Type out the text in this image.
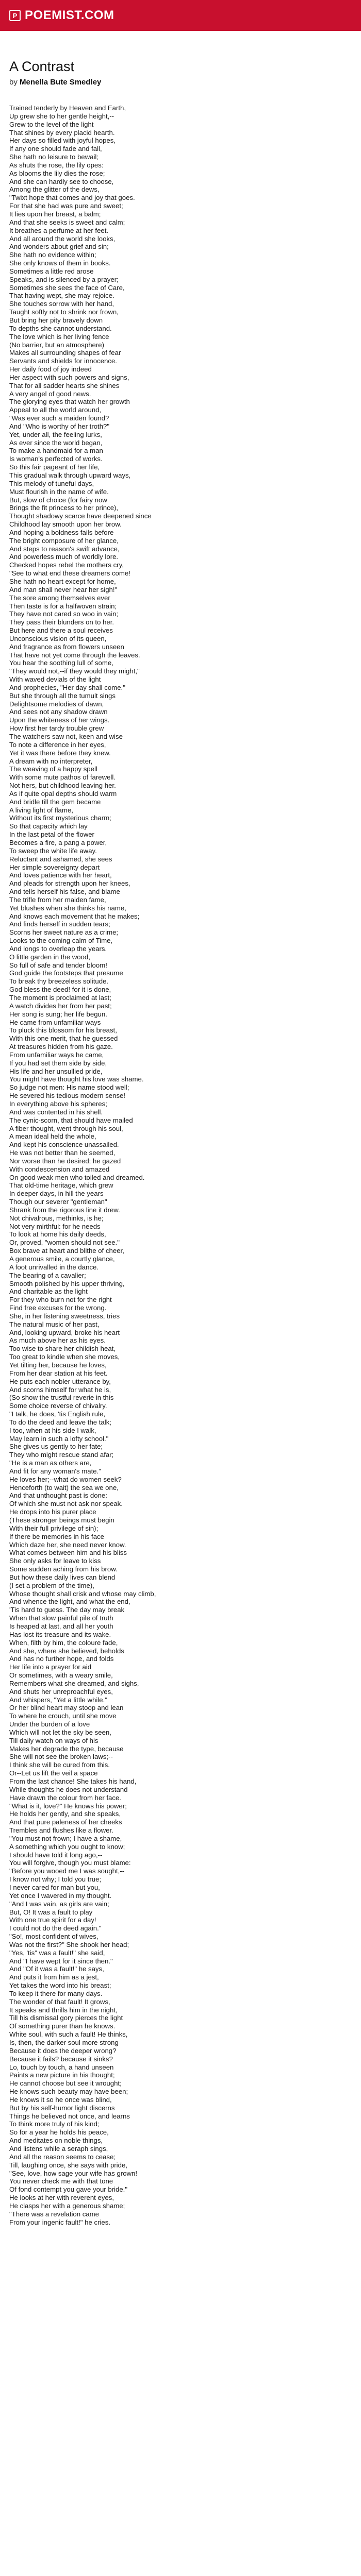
P POEMIST.COM
A Contrast
by Menella Bute Smedley
Trained tenderly by Heaven and Earth,
Up grew she to her gentle height,--
Grew to the level of the light
That shines by every placid hearth.
Her days so filled with joyful hopes,
If any one should fade and fall,
She hath no leisure to bewail;
As shuts the rose, the lily opes:
As blooms the lily dies the rose;
And she can hardly see to choose,
Among the glitter of the dews,
"Twixt hope that comes and joy that goes.
For that she had was pure and sweet;
It lies upon her breast, a balm;
And that she seeks is sweet and calm;
It breathes a perfume at her feet.
And all around the world she looks,
And wonders about grief and sin;
She hath no evidence within;
She only knows of them in books.
Sometimes a little red arose
Speaks, and is silenced by a prayer;
Sometimes she sees the face of Care,
That having wept, she may rejoice.
She touches sorrow with her hand,
Taught softly not to shrink nor frown,
But bring her pity bravely down
To depths she cannot understand.
The love which is her living fence
(No barrier, but an atmosphere)
Makes all surrounding shapes of fear
Servants and shields for innocence.
Her daily food of joy indeed
Her aspect with such powers and signs,
That for all sadder hearts she shines
A very angel of good news.
The glorying eyes that watch her growth
Appeal to all the world around,
"Was ever such a maiden found?
And "Who is worthy of her troth?"
Yet, under all, the feeling lurks,
As ever since the world began,
To make a handmaid for a man
Is woman's perfected of works.
So this fair pageant of her life,
This gradual walk through upward ways,
This melody of tuneful days,
Must flourish in the name of wife.
But, slow of choice (for fairy now
Brings the fit princess to her prince),
Thought shadowy scarce have deepened since
Childhood lay smooth upon her brow.
And hoping a boldness fails before
The bright composure of her glance,
And steps to reason's swift advance,
And powerless much of worldly lore.
Checked hopes rebel the mothers cry,
"See to what end these dreamers come!
She hath no heart except for home,
And man shall never hear her sigh!"
The sore among themselves ever
Then taste is for a halfwoven strain;
They have not cared so woo in vain;
They pass their blunders on to her.
But here and there a soul receives
Unconscious vision of its queen,
And fragrance as from flowers unseen
That have not yet come through the leaves.
You hear the soothing lull of some,
"They would not,--if they would they might,"
With waved devials of the light
And prophecies, "Her day shall come."
But she through all the tumult sings
Delightsome melodies of dawn,
And sees not any shadow drawn
Upon the whiteness of her wings.
How first her tardy trouble grew
The watchers saw not, keen and wise
To note a difference in her eyes,
Yet it was there before they knew.
A dream with no interpreter,
The weaving of a happy spell
With some mute pathos of farewell.
Not hers, but childhood leaving her.
As if quite opal depths should warm
And bridle till the gem became
A living light of flame,
Without its first mysterious charm;
So that capacity which lay
In the last petal of the flower
Becomes a fire, a pang a power,
To sweep the white life away.
Reluctant and ashamed, she sees
Her simple sovereignty depart
And loves patience with her heart,
And pleads for strength upon her knees,
And tells herself his false, and blame
The trifle from her maiden fame,
Yet blushes when she thinks his name,
And knows each movement that he makes;
And finds herself in sudden tears;
Scorns her sweet nature as a crime;
Looks to the coming calm of Time,
And longs to overleap the years.
O little garden in the wood,
So full of safe and tender bloom!
God guide the footsteps that presume
To break thy breezeless solitude.
God bless the deed! for it is done,
The moment is proclaimed at last;
A watch divides her from her past;
Her song is sung; her life begun.
He came from unfamiliar ways
To pluck this blossom for his breast,
With this one merit, that he guessed
At treasures hidden from his gaze.
From unfamiliar ways he came,
If you had set them side by side,
His life and her unsullied pride,
You might have thought his love was shame.
So judge not men: His name stood well;
He severed his tedious modern sense!
In everything above his spheres;
And was contented in his shell.
The cynic-scorn, that should have mailed
A fiber thought, went through his soul,
A mean ideal held the whole,
And kept his conscience unassailed.
He was not better than he seemed,
Nor worse than he desired; he gazed
With condescension and amazed
On good weak men who toiled and dreamed.
That old-time heritage, which grew
In deeper days, in hill the years
Though our severer "gentleman"
Shrank from the rigorous line it drew.
Not chivalrous, methinks, is he;
Not very mirthful: for he needs
To look at home his daily deeds,
Or, proved, "women should not see."
Box brave at heart and blithe of cheer,
A generous smile, a courtly glance,
A foot unrivalled in the dance.
The bearing of a cavalier;
Smooth polished by his upper thriving,
And charitable as the light
For they who burn not for the right
Find free excuses for the wrong.
She, in her listening sweetness, tries
The natural music of her past,
And, looking upward, broke his heart
As much above her as his eyes.
Too wise to share her childish heat,
Too great to kindle when she moves,
Yet tilting her, because he loves,
From her dear station at his feet.
He puts each nobler utterance by,
And scorns himself for what he is,
(So show the trustful reverie in this
Some choice reverse of chivalry.
"I talk, he does, 'tis English rule,
To do the deed and leave the talk;
I too, when at his side I walk,
May learn in such a lofty school."
She gives us gently to her fate;
They who might rescue stand afar;
"He is a man as others are,
And fit for any woman's mate."
He loves her;--what do women seek?
Henceforth (to wait) the sea we one,
And that unthought past is done:
Of which she must not ask nor speak.
He drops into his purer place
(These stronger beings must begin
With their full privilege of sin);
If there be memories in his face
Which daze her, she need never know.
What comes between him and his bliss
She only asks for leave to kiss
Some sudden aching from his brow.
But how these daily lives can blend
(I set a problem of the time),
Whose thought shall crisk and whose may climb,
And whence the light, and what the end,
'Tis hard to guess. The day may break
When that slow painful pile of truth
Is heaped at last, and all her youth
Has lost its treasure and its wake.
When, filth by him, the coloure fade,
And she, where she believed, beholds
And has no further hope, and folds
Her life into a prayer for aid
Or sometimes, with a weary smile,
Remembers what she dreamed, and sighs,
And shuts her unreproachful eyes,
And whispers, "Yet a little while."
Or her blind heart may stoop and lean
To where he crouch, until she move
Under the burden of a love
Which will not let the sky be seen,
Till daily watch on ways of his
Makes her degrade the type, because
She will not see the broken laws;--
I think she will be cured from this.
Or--Let us lift the veil a space
From the last chance! She takes his hand,
While thoughts he does not understand
Have drawn the colour from her face.
"What is it, love?" He knows his power;
He holds her gently, and she speaks,
And that pure paleness of her cheeks
Trembles and flushes like a flower.
"You must not frown; I have a shame,
A something which you ought to know;
I should have told it long ago,--
You will forgive, though you must blame:
"Before you wooed me I was sought,--
I know not why; I told you true;
I never cared for man but you,
Yet once I wavered in my thought.
"And I was vain, as girls are vain;
But, O! It was a fault to play
With one true spirit for a day!
I could not do the deed again."
"So!, most confident of wives,
Was not the first?" She shook her head;
"Yes, 'tis" was a fault!" she said,
And "I have wept for it since then."
And "Of it was a fault!" he says,
And puts it from him as a jest,
Yet takes the word into his breast;
To keep it there for many days.
The wonder of that fault! It grows,
It speaks and thrills him in the night,
Till his dismissal gory pierces the light
Of something purer than he knows.
White soul, with such a fault! He thinks,
Is, then, the darker soul more strong
Because it does the deeper wrong?
Because it fails? because it sinks?
Lo, touch by touch, a hand unseen
Paints a new picture in his thought;
He cannot choose but see it wrought;
He knows such beauty may have been;
He knows it so he once was blind,
But by his self-humor light discerns
Things he believed not once, and learns
To think more truly of his kind;
So for a year he holds his peace,
And meditates on noble things,
And listens while a seraph sings,
And all the reason seems to cease;
Till, laughing once, she says with pride,
"See, love, how sage your wife has grown!
You never check me with that tone
Of fond contempt you gave your bride."
He looks at her with reverent eyes,
He clasps her with a generous shame;
"There was a revelation came
From your ingenic fault!" he cries.
